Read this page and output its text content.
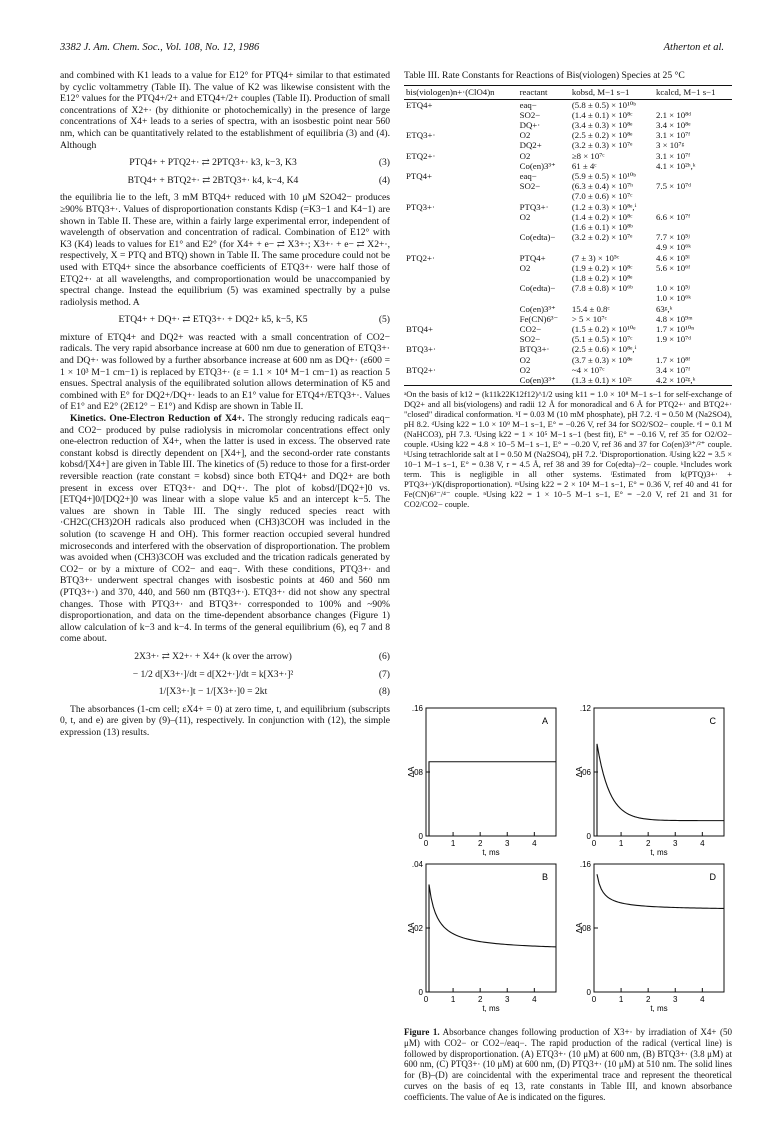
3382 J. Am. Chem. Soc., Vol. 108, No. 12, 1986	Atherton et al.

and combined with K1 leads to a value for E12° for PTQ4+ similar to that estimated by cyclic voltammetry (Table II). The value of K2 was likewise consistent with the E12° values for the PTQ4+/2+ and ETQ4+/2+ couples (Table II). Production of small concentrations of X2+· (by dithionite or photochemically) in the presence of large concentrations of X4+ leads to a series of spectra, with an isosbestic point near 560 nm, which can be quantitatively related to the establishment of equilibria (3) and (4). Although

PTQ4+ + PTQ2+· ⇄ 2PTQ3+· k3, k−3, K3	(3)
BTQ4+ + BTQ2+· ⇄ 2BTQ3+· k4, k−4, K4	(4)

the equilibria lie to the left, 3 mM BTQ4+ reduced with 10 μM S2O42− produces ≥90% BTQ3+·. Values of disproportionation constants Kdisp (=K3−1 and K4−1) are shown in Table II. These are, within a fairly large experimental error, independent of wavelength of observation and concentration of radical. Combination of E12° with K3 (K4) leads to values for E1° and E2° (for X4+ + e− ⇄ X3+·; X3+· + e− ⇄ X2+·, respectively, X = PTQ and BTQ) shown in Table II. The same procedure could not be used with ETQ4+ since the absorbance coefficients of ETQ3+· were half those of ETQ2+· at all wavelengths, and comproportionation would be unaccompanied by spectral change. Instead the equilibrium (5) was examined spectrally by a pulse radiolysis method. A

ETQ4+ + DQ+· ⇄ ETQ3+· + DQ2+ k5, k−5, K5	(5)

mixture of ETQ4+ and DQ2+ was reacted with a small concentration of CO2− radicals. The very rapid absorbance increase at 600 nm due to generation of ETQ3+· and DQ+· was followed by a further absorbance increase at 600 nm as DQ+· (ε600 = 1 × 10³ M−1 cm−1) is replaced by ETQ3+· (ε = 1.1 × 10⁴ M−1 cm−1) as reaction 5 ensues. Spectral analysis of the equilibrated solution allows determination of K5 and combined with E° for DQ2+/DQ+· leads to an E1° value for ETQ4+/ETQ3+·. Values of E1° and E2° (2E12° − E1°) and Kdisp are shown in Table II.

Kinetics. One-Electron Reduction of X4+. The strongly reducing radicals eaq− and CO2− produced by pulse radiolysis in micromolar concentrations effect only one-electron reduction of X4+, when the latter is used in excess. The observed rate constant kobsd is directly dependent on [X4+], and the second-order rate constants kobsd/[X4+] are given in Table III. The kinetics of (5) reduce to those for a first-order reversible reaction (rate constant = kobsd) since both ETQ4+ and DQ2+ are both present in excess over ETQ3+· and DQ+·. The plot of kobsd/[DQ2+]0 vs. [ETQ4+]0/[DQ2+]0 was linear with a slope value k5 and an intercept k−5. The values are shown in Table III. The singly reduced species react with ·CH2C(CH3)2OH radicals also produced when (CH3)3COH was included in the solution (to scavenge H and OH). This former reaction occupied several hundred microseconds and interfered with the observation of disproportionation. The problem was avoided when (CH3)3COH was excluded and the trication radicals generated by CO2− or by a mixture of CO2− and eaq−. With these conditions, PTQ3+· and BTQ3+· underwent spectral changes with isosbestic points at 460 and 560 nm (PTQ3+·) and 370, 440, and 560 nm (BTQ3+·). ETQ3+· did not show any spectral changes. Those with PTQ3+· and BTQ3+· corresponded to 100% and ~90% disproportionation, and data on the time-dependent absorbance changes (Figure 1) allow calculation of k−3 and k−4. In terms of the general equilibrium (6), eq 7 and 8 come about.

2X3+· ⇄ X2+· + X4+ (k over the arrow)	(6)
− 1/2 d[X3+·]/dt = d[X2+·]/dt = k[X3+·]²	(7)
1/[X3+·]t − 1/[X3+·]0 = 2kt	(8)

The absorbances (1-cm cell; εX4+ = 0) at zero time, t, and equilibrium (subscripts 0, t, and e) are given by (9)–(11), respectively. In conjunction with (12), the simple expression (13) results.

Table III. Rate Constants for Reactions of Bis(viologen) Species at 25 °C
bis(viologen)n+·(ClO4)n	reactant	kobsd, M−1 s−1	kcalcd, M−1 s−1
ETQ4+	eaq−	(5.8 ± 0.5) × 10¹⁰ᵇ	
	SO2−	(1.4 ± 0.1) × 10⁸ᶜ	2.1 × 10⁸ᵈ
	DQ+·	(3.4 ± 0.3) × 10⁸ᵉ	3.4 × 10⁸ᵉ
ETQ3+·	O2	(2.5 ± 0.2) × 10⁸ᵉ	3.1 × 10⁷ᶠ
	DQ2+	(3.2 ± 0.3) × 10⁷ᵉ	3 × 10⁷ᵍ
ETQ2+·	O2	≥8 × 10⁷ᶜ	3.1 × 10⁷ᶠ
	Co(en)3³⁺	61 ± 4ᶜ	4.1 × 10²ʰ,ᵏ
PTQ4+	eaq−	(5.9 ± 0.5) × 10¹⁰ᵇ	
	SO2−	(6.3 ± 0.4) × 10⁷ʰ	7.5 × 10⁷ᵈ
		(7.0 ± 0.6) × 10⁷ᶜ	
PTQ3+·	PTQ3+·	(1.2 ± 0.3) × 10⁸ᵉ,ⁱ	
	O2	(1.4 ± 0.2) × 10⁸ᶜ	6.6 × 10⁷ᶠ
		(1.6 ± 0.1) × 10⁸ᵇ	
	Co(edta)−	(3.2 ± 0.2) × 10⁷ᵉ	7.7 × 10⁵ʲ
			4.9 × 10⁶ᵏ
PTQ2+·	PTQ4+	(7 ± 3) × 10⁵ᶜ	4.6 × 10⁵ˡ
	O2	(1.9 ± 0.2) × 10⁸ᶜ	5.6 × 10⁶ᶠ
		(1.8 ± 0.2) × 10⁸ᵉ	
	Co(edta)−	(7.8 ± 0.8) × 10⁶ᵇ	1.0 × 10⁵ʲ
			1.0 × 10⁶ᵏ
	Co(en)3³⁺	15.4 ± 0.8ᶜ	63ᵍ,ᵏ
	Fe(CN)6³⁻	> 5 × 10⁷ᶜ	4.8 × 10⁹ᵐ
BTQ4+	CO2−	(1.5 ± 0.2) × 10¹⁰ᵉ	1.7 × 10¹⁰ⁿ
	SO2−	(5.1 ± 0.5) × 10⁷ᶜ	1.9 × 10⁷ᵈ
BTQ3+·	BTQ3+·	(2.5 ± 0.6) × 10⁸ᵉ,ⁱ	
	O2	(3.7 ± 0.3) × 10⁸ᵉ	1.7 × 10⁸ᶠ
BTQ2+·	O2	~4 × 10⁷ᶜ	3.4 × 10⁷ᶠ
	Co(en)3³⁺	(1.3 ± 0.1) × 10²ᶜ	4.2 × 10²ᵍ,ᵏ
ᵃOn the basis of k12 = (k11k22K12f12)^1/2 using k11 = 1.0 × 10⁸ M−1 s−1 for self-exchange of DQ2+ and all bis(viologens) and radii 12 Å for monoradical and 6 Å for PTQ2+· and BTQ2+· "closed" diradical conformation. ᵇI = 0.03 M (10 mM phosphate), pH 7.2. ᶜI = 0.50 M (Na2SO4), pH 8.2. ᵈUsing k22 = 1.0 × 10⁹ M−1 s−1, E° = −0.26 V, ref 34 for SO2/SO2− couple. ᵉI = 0.1 M (NaHCO3), pH 7.3. ᶠUsing k22 = 1 × 10⁵ M−1 s−1 (best fit), E° = −0.16 V, ref 35 for O2/O2− couple. ᵍUsing k22 = 4.8 × 10−5 M−1 s−1, E° = −0.20 V, ref 36 and 37 for Co(en)3³⁺/²⁺ couple. ʰUsing tetrachloride salt at I = 0.50 M (Na2SO4), pH 7.2. ⁱDisproportionation. ʲUsing k22 = 3.5 × 10−1 M−1 s−1, E° = 0.38 V, r = 4.5 Å, ref 38 and 39 for Co(edta)−/2− couple. ᵏIncludes work term. This is negligible in all other systems. ˡEstimated from k(PTQ)3+· + PTQ3+·)/K(disproportionation). ᵐUsing k22 = 2 × 10⁴ M−1 s−1, E° = 0.36 V, ref 40 and 41 for Fe(CN)6³⁻/⁴⁻ couple. ⁿUsing k22 = 1 × 10−5 M−1 s−1, E° = −2.0 V, ref 21 and 31 for CO2/CO2− couple.
0
08
.16
0	1	2	3	4
t, ms
ΔA
A
0
06
.12
0	1	2	3	4
t, ms
ΔA
C
0
02
.04
0	1	2	3	4
t, ms
ΔA
B
0
08
.16
0	1	2	3	4
t, ms
ΔA
D
Figure 1. Absorbance changes following production of X3+· by irradiation of X4+ (50 μM) with CO2− or CO2−/eaq−. The rapid production of the radical (vertical line) is followed by disproportionation. (A) ETQ3+· (10 μM) at 600 nm, (B) BTQ3+· (3.8 μM) at 600 nm, (C) PTQ3+· (10 μM) at 600 nm, (D) PTQ3+· (10 μM) at 510 nm. The solid lines for (B)–(D) are coincidental with the experimental trace and represent the theoretical curves on the basis of eq 13, rate constants in Table III, and known absorbance coefficients. The value of Ae is indicated on the figures.
